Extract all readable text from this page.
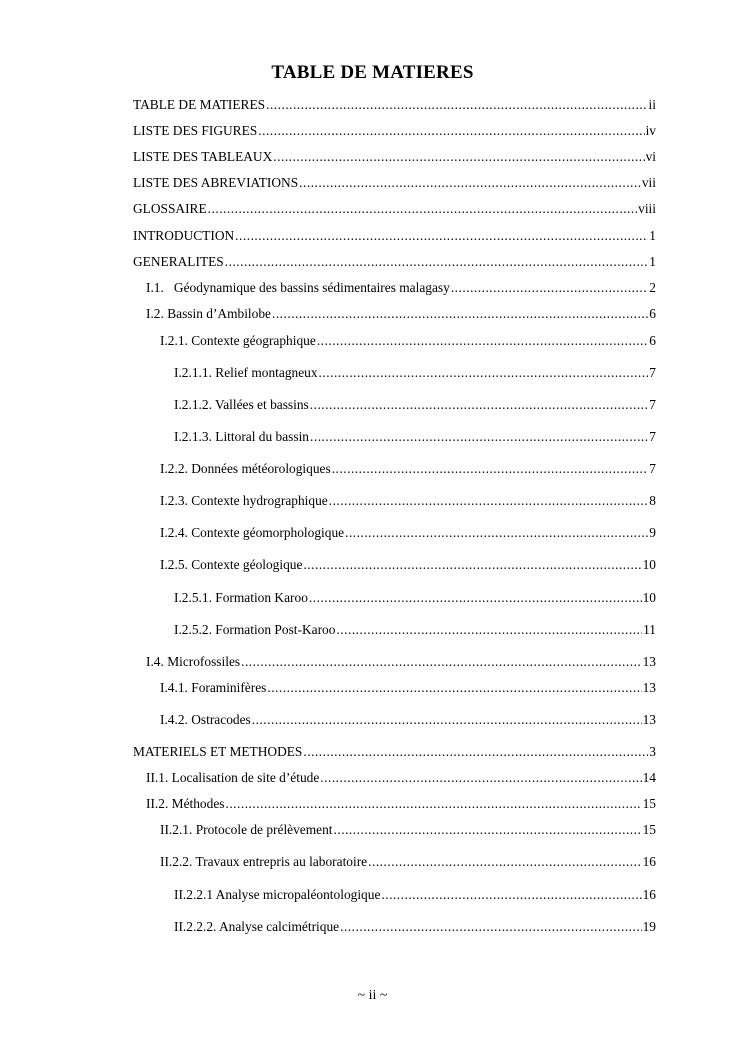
TABLE DE MATIERES
TABLE DE MATIERES .....	ii
LISTE DES FIGURES .....	iv
LISTE DES TABLEAUX .....	vi
LISTE DES ABREVIATIONS .....	vii
GLOSSAIRE .....	viii
INTRODUCTION .....	1
GENERALITES .....	1
I.1.   Géodynamique des bassins sédimentaires malagasy .....	2
I.2. Bassin d’Ambilobe .....	6
I.2.1. Contexte géographique .....	6
I.2.1.1. Relief montagneux .....	7
I.2.1.2. Vallées et bassins .....	7
I.2.1.3. Littoral du bassin .....	7
I.2.2. Données météorologiques .....	7
I.2.3. Contexte hydrographique .....	8
I.2.4. Contexte géomorphologique .....	9
I.2.5. Contexte géologique .....	10
I.2.5.1. Formation Karoo .....	10
I.2.5.2. Formation Post-Karoo .....	11
I.4. Microfossiles .....	13
I.4.1. Foraminifères .....	13
I.4.2. Ostracodes .....	13
MATERIELS ET METHODES .....	3
II.1. Localisation de site d’étude .....	14
II.2. Méthodes .....	15
II.2.1. Protocole de prélèvement .....	15
II.2.2. Travaux entrepris au laboratoire .....	16
II.2.2.1 Analyse micropaléontologique .....	16
II.2.2.2. Analyse calcimétrique .....	19
~ ii ~
